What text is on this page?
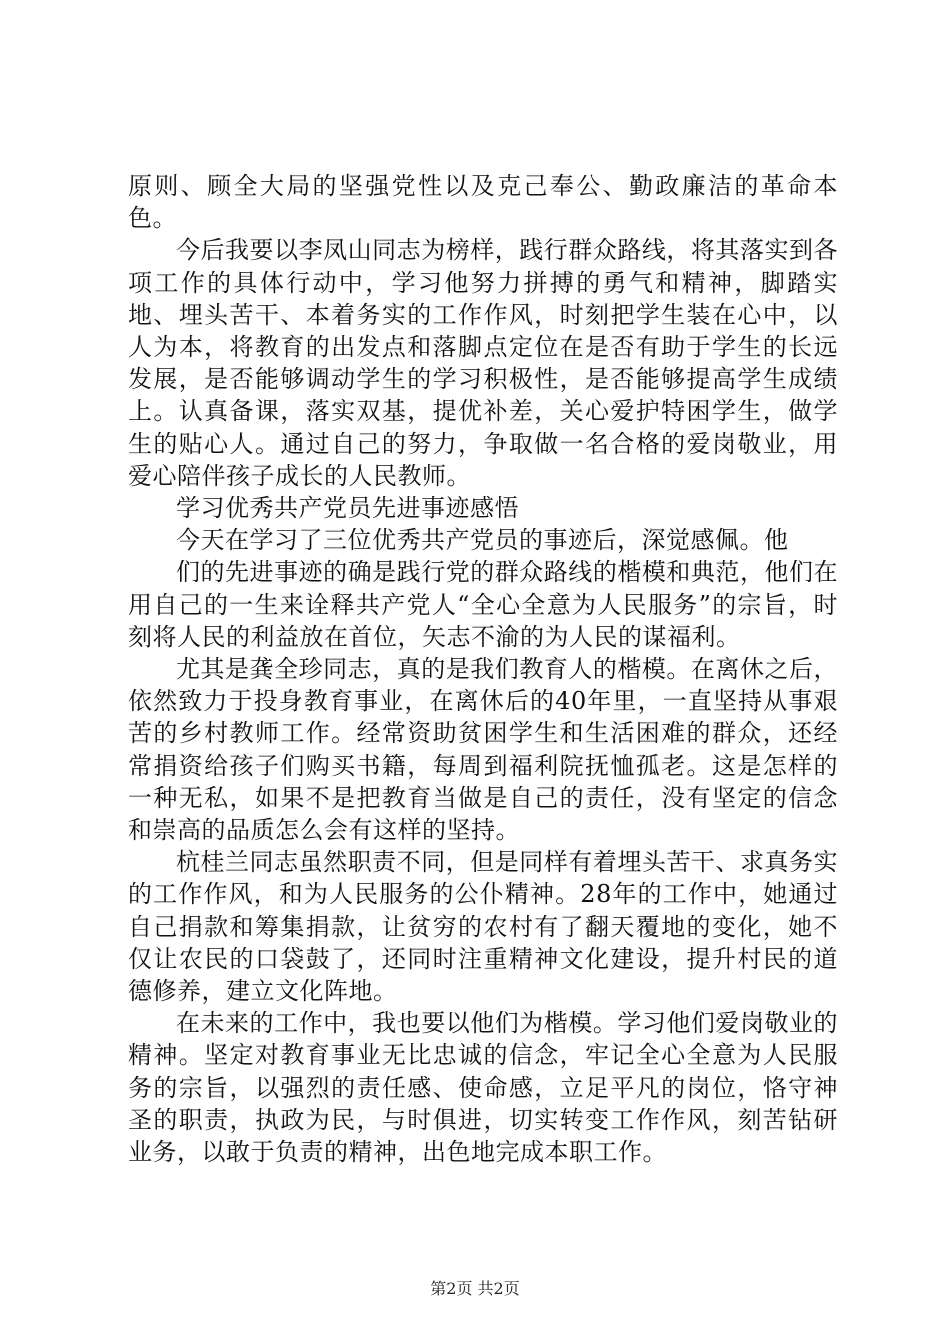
原则、顾全大局的坚强党性以及克己奉公、勤政廉洁的革命本色。

今后我要以李凤山同志为榜样，践行群众路线，将其落实到各项工作的具体行动中，学习他努力拼搏的勇气和精神，脚踏实地、埋头苦干、本着务实的工作作风，时刻把学生装在心中，以人为本，将教育的出发点和落脚点定位在是否有助于学生的长远发展，是否能够调动学生的学习积极性，是否能够提高学生成绩上。认真备课，落实双基，提优补差，关心爱护特困学生，做学生的贴心人。通过自己的努力，争取做一名合格的爱岗敬业，用爱心陪伴孩子成长的人民教师。

学习优秀共产党员先进事迹感悟

今天在学习了三位优秀共产党员的事迹后，深觉感佩。他

们的先进事迹的确是践行党的群众路线的楷模和典范，他们在用自己的一生来诠释共产党人“全心全意为人民服务”的宗旨，时刻将人民的利益放在首位，矢志不渝的为人民的谋福利。

尤其是龚全珍同志，真的是我们教育人的楷模。在离休之后，依然致力于投身教育事业，在离休后的40年里，一直坚持从事艰苦的乡村教师工作。经常资助贫困学生和生活困难的群众，还经常捐资给孩子们购买书籍，每周到福利院抚恤孤老。这是怎样的一种无私，如果不是把教育当做是自己的责任，没有坚定的信念和崇高的品质怎么会有这样的坚持。

杭桂兰同志虽然职责不同，但是同样有着埋头苦干、求真务实的工作作风，和为人民服务的公仆精神。28年的工作中，她通过自己捐款和筹集捐款，让贫穷的农村有了翻天覆地的变化，她不仅让农民的口袋鼓了，还同时注重精神文化建设，提升村民的道德修养，建立文化阵地。

在未来的工作中，我也要以他们为楷模。学习他们爱岗敬业的精神。坚定对教育事业无比忠诚的信念，牢记全心全意为人民服务的宗旨，以强烈的责任感、使命感，立足平凡的岗位，恪守神圣的职责，执政为民，与时俱进，切实转变工作作风，刻苦钻研业务，以敢于负责的精神，出色地完成本职工作。

第2页 共2页
